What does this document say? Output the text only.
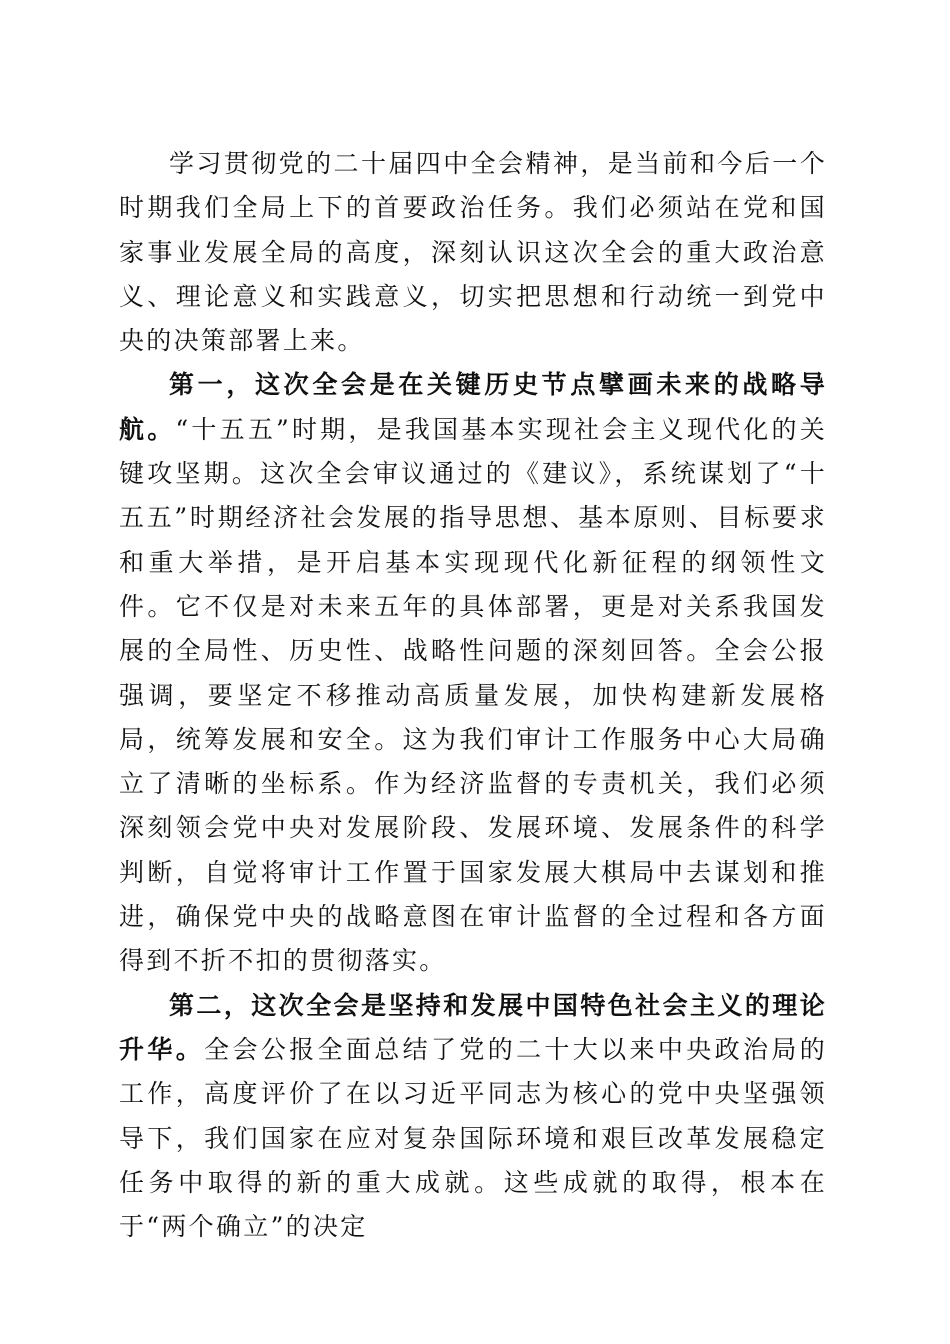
学习贯彻党的二十届四中全会精神，是当前和今后一个时期我们全局上下的首要政治任务。我们必须站在党和国家事业发展全局的高度，深刻认识这次全会的重大政治意义、理论意义和实践意义，切实把思想和行动统一到党中央的决策部署上来。

第一，这次全会是在关键历史节点擘画未来的战略导航。“十五五”时期，是我国基本实现社会主义现代化的关键攻坚期。这次全会审议通过的《建议》，系统谋划了“十五五”时期经济社会发展的指导思想、基本原则、目标要求和重大举措，是开启基本实现现代化新征程的纲领性文件。它不仅是对未来五年的具体部署，更是对关系我国发展的全局性、历史性、战略性问题的深刻回答。全会公报强调，要坚定不移推动高质量发展，加快构建新发展格局，统筹发展和安全。这为我们审计工作服务中心大局确立了清晰的坐标系。作为经济监督的专责机关，我们必须深刻领会党中央对发展阶段、发展环境、发展条件的科学判断，自觉将审计工作置于国家发展大棋局中去谋划和推进，确保党中央的战略意图在审计监督的全过程和各方面得到不折不扣的贯彻落实。

第二，这次全会是坚持和发展中国特色社会主义的理论升华。全会公报全面总结了党的二十大以来中央政治局的工作，高度评价了在以习近平同志为核心的党中央坚强领导下，我们国家在应对复杂国际环境和艰巨改革发展稳定任务中取得的新的重大成就。这些成就的取得，根本在于“两个确立”的决定
